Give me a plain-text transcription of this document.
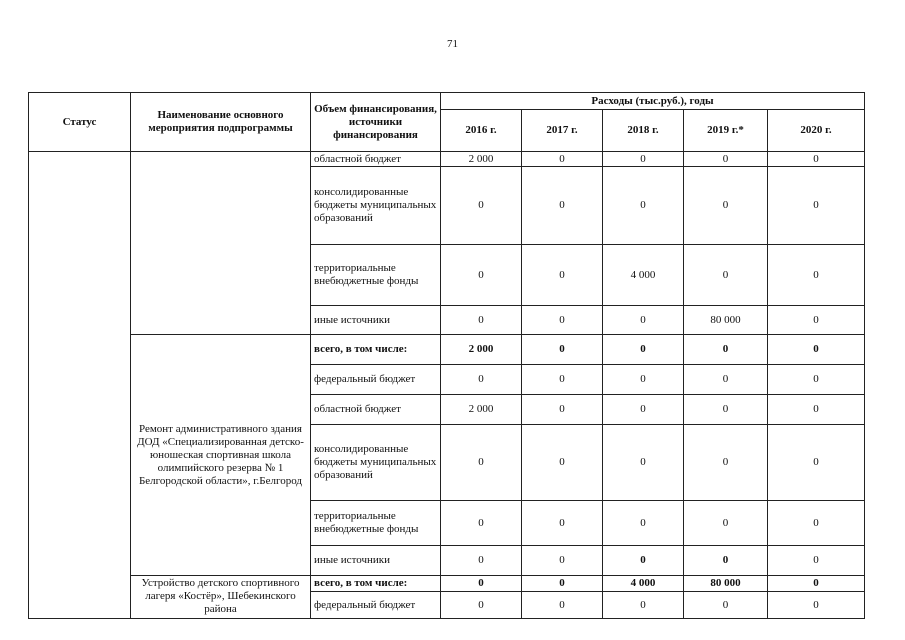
71
Статус	Наименование основного мероприятия подпрограммы	Объем финансирования, источники финансирования	Расходы (тыс.руб.), годы				
			2016 г.	2017 г.	2018 г.	2019 г.*	2020 г.
		областной бюджет	2 000	0	0	0	0
		консолидированные бюджеты муниципальных образований	0	0	0	0	0
		территориальные внебюджетные фонды	0	0	4 000	0	0
		иные источники	0	0	0	80 000	0
	Ремонт административного здания ДОД «Специализированная детско-юношеская спортивная школа олимпийского резерва № 1 Белгородской области», г.Белгород	всего, в том числе:	2 000	0	0	0	0
		федеральный бюджет	0	0	0	0	0
		областной бюджет	2 000	0	0	0	0
		консолидированные бюджеты муниципальных образований	0	0	0	0	0
		территориальные внебюджетные фонды	0	0	0	0	0
		иные источники	0	0	0	0	0
	Устройство детского спортивного лагеря «Костёр», Шебекинского района	всего, в том числе:	0	0	4 000	80 000	0
		федеральный бюджет	0	0	0	0	0
